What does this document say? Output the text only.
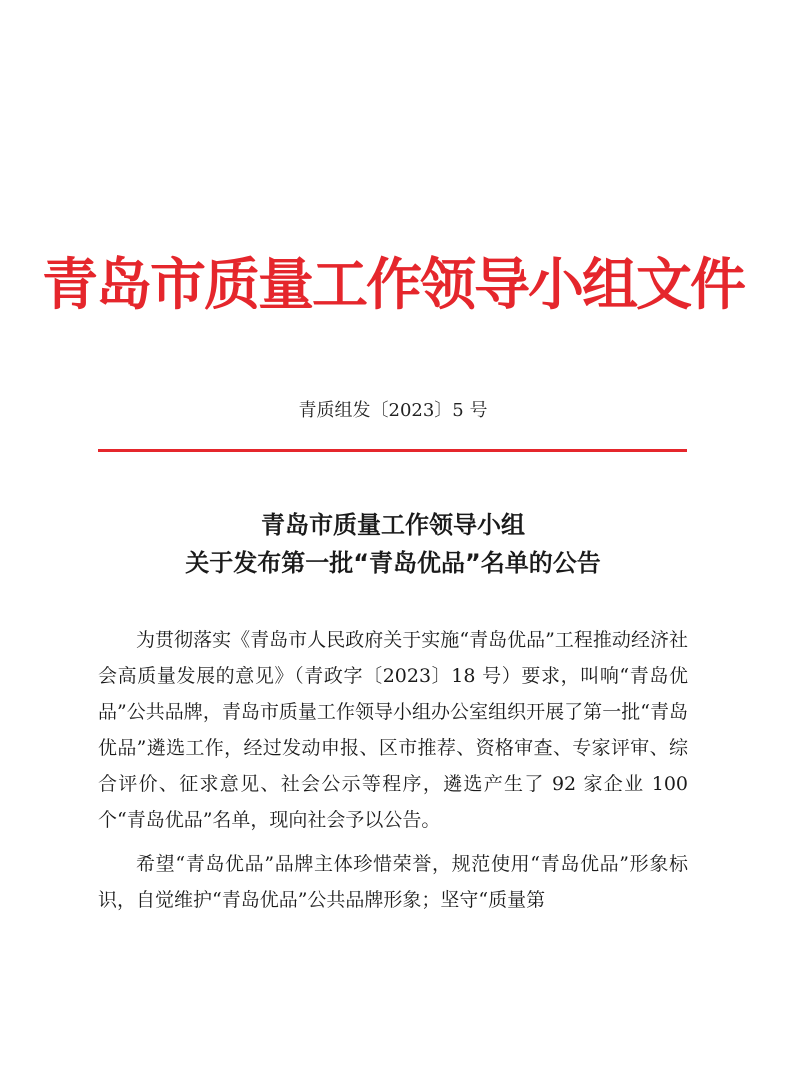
青岛市质量工作领导小组文件
青质组发〔2023〕5 号
青岛市质量工作领导小组
关于发布第一批“青岛优品”名单的公告

为贯彻落实《青岛市人民政府关于实施“青岛优品”工程推动经济社会高质量发展的意见》（青政字〔2023〕18 号）要求，叫响“青岛优品”公共品牌，青岛市质量工作领导小组办公室组织开展了第一批“青岛优品”遴选工作，经过发动申报、区市推荐、资格审查、专家评审、综合评价、征求意见、社会公示等程序，遴选产生了 92 家企业 100 个“青岛优品”名单，现向社会予以公告。

希望“青岛优品”品牌主体珍惜荣誉，规范使用“青岛优品”形象标识，自觉维护“青岛优品”公共品牌形象；坚守“质量第
